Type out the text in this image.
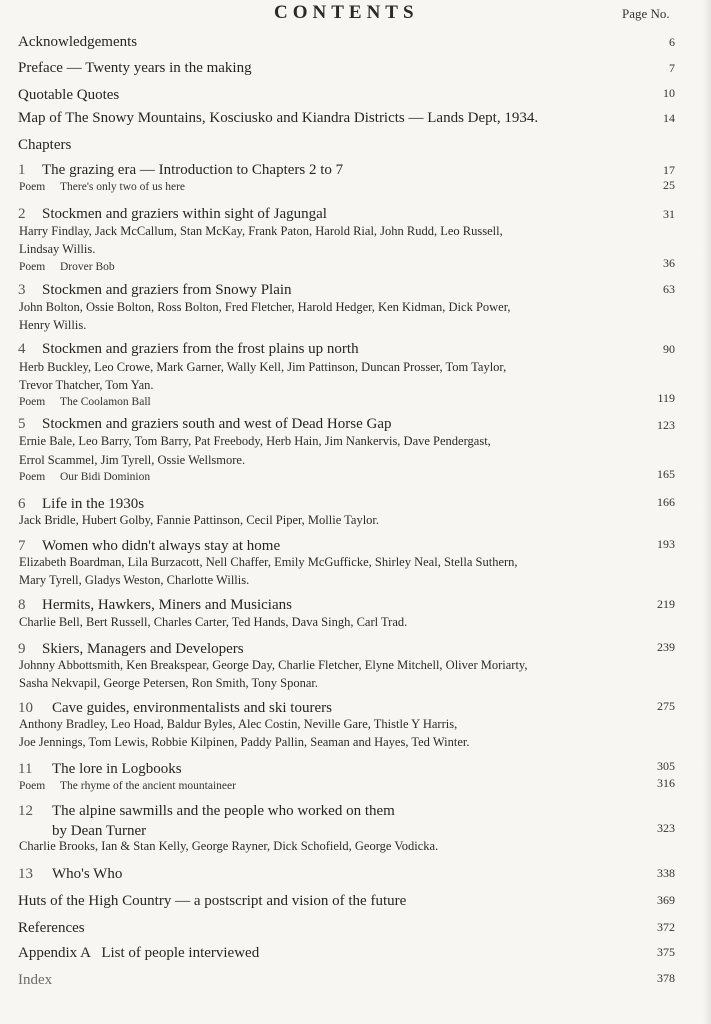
CONTENTS	Page No.
Acknowledgements	6
Preface — Twenty years in the making	7
Quotable Quotes	10
Map of The Snowy Mountains, Kosciusko and Kiandra Districts — Lands Dept, 1934.	14
Chapters
1 The grazing era — Introduction to Chapters 2 to 7	17
Poem There's only two of us here	25
2 Stockmen and graziers within sight of Jagungal	31
Harry Findlay, Jack McCallum, Stan McKay, Frank Paton, Harold Rial, John Rudd, Leo Russell,
Lindsay Willis.
Poem Drover Bob	36
3 Stockmen and graziers from Snowy Plain	63
John Bolton, Ossie Bolton, Ross Bolton, Fred Fletcher, Harold Hedger, Ken Kidman, Dick Power,
Henry Willis.
4 Stockmen and graziers from the frost plains up north	90
Herb Buckley, Leo Crowe, Mark Garner, Wally Kell, Jim Pattinson, Duncan Prosser, Tom Taylor,
Trevor Thatcher, Tom Yan.
Poem The Coolamon Ball	119
5 Stockmen and graziers south and west of Dead Horse Gap	123
Ernie Bale, Leo Barry, Tom Barry, Pat Freebody, Herb Hain, Jim Nankervis, Dave Pendergast,
Errol Scammel, Jim Tyrell, Ossie Wellsmore.
Poem Our Bidi Dominion	165
6 Life in the 1930s	166
Jack Bridle, Hubert Golby, Fannie Pattinson, Cecil Piper, Mollie Taylor.
7 Women who didn't always stay at home	193
Elizabeth Boardman, Lila Burzacott, Nell Chaffer, Emily McGufficke, Shirley Neal, Stella Suthern,
Mary Tyrell, Gladys Weston, Charlotte Willis.
8 Hermits, Hawkers, Miners and Musicians	219
Charlie Bell, Bert Russell, Charles Carter, Ted Hands, Dava Singh, Carl Trad.
9 Skiers, Managers and Developers	239
Johnny Abbottsmith, Ken Breakspear, George Day, Charlie Fletcher, Elyne Mitchell, Oliver Moriarty,
Sasha Nekvapil, George Petersen, Ron Smith, Tony Sponar.
10 Cave guides, environmentalists and ski tourers	275
Anthony Bradley, Leo Hoad, Baldur Byles, Alec Costin, Neville Gare, Thistle Y Harris,
Joe Jennings, Tom Lewis, Robbie Kilpinen, Paddy Pallin, Seaman and Hayes, Ted Winter.
11 The lore in Logbooks	305
Poem The rhyme of the ancient mountaineer	316
12 The alpine sawmills and the people who worked on them
by Dean Turner	323
Charlie Brooks, Ian & Stan Kelly, George Rayner, Dick Schofield, George Vodicka.
13 Who's Who	338
Huts of the High Country — a postscript and vision of the future	369
References	372
Appendix A   List of people interviewed	375
Index	378
